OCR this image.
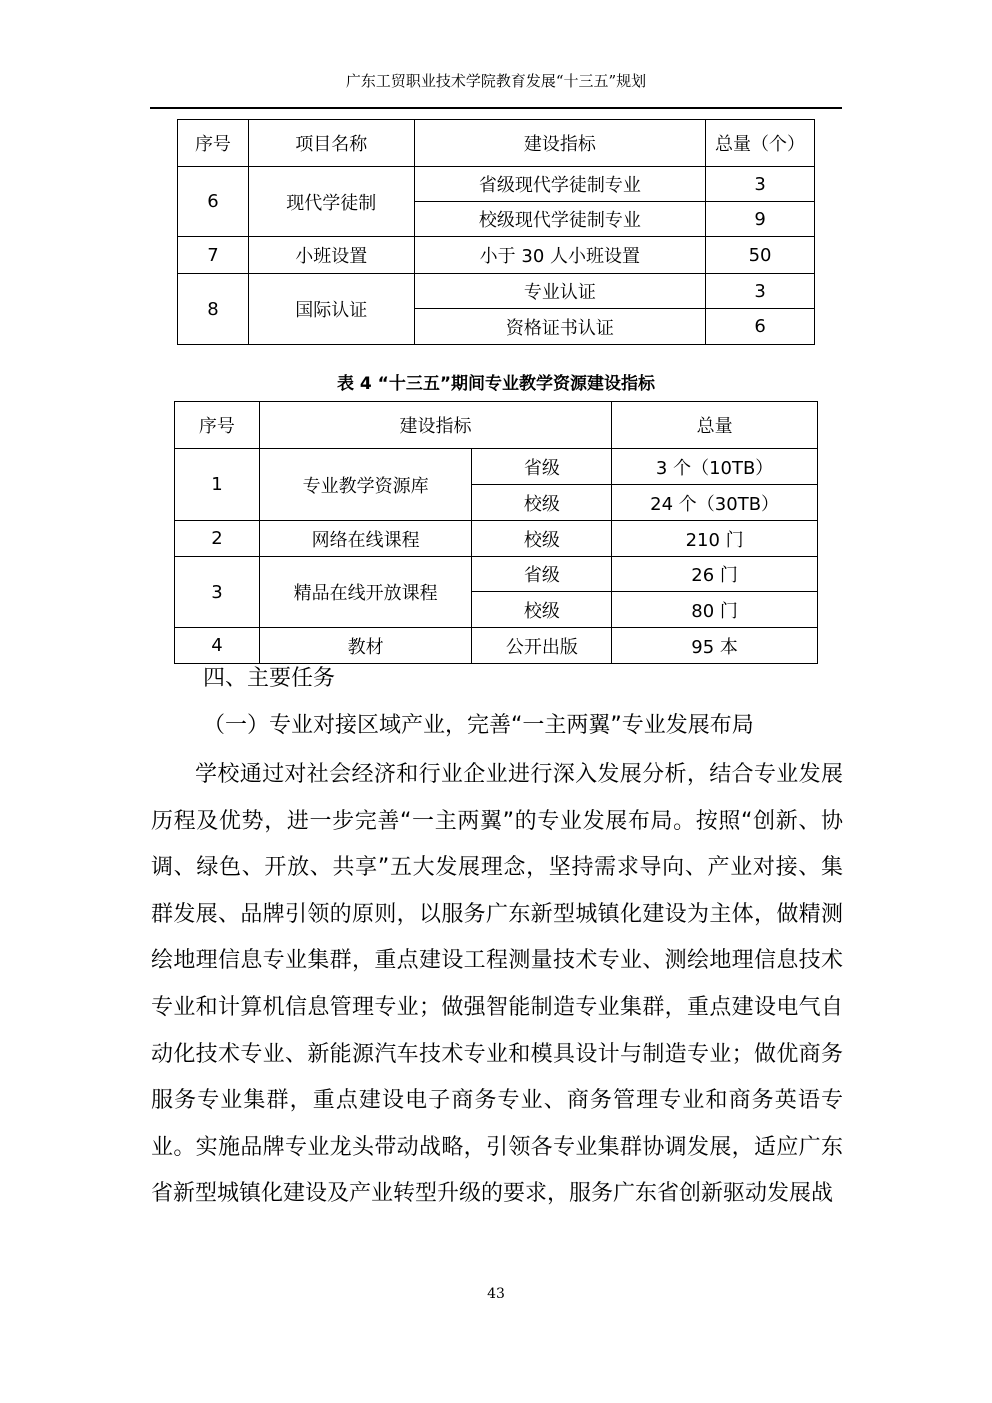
广东工贸职业技术学院教育发展“十三五”规划
序号	项目名称	建设指标	总量（个）
6	现代学徒制	省级现代学徒制专业	3
		校级现代学徒制专业	9
7	小班设置	小于 30 人小班设置	50
8	国际认证	专业认证	3
		资格证书认证	6
表 4 “十三五”期间专业教学资源建设指标
序号	建设指标		总量
1	专业教学资源库	省级	3 个（10TB）
		校级	24 个（30TB）
2	网络在线课程	校级	210 门
3	精品在线开放课程	省级	26 门
		校级	80 门
4	教材	公开出版	95 本
四、主要任务
（一）专业对接区域产业，完善“一主两翼”专业发展布局

学校通过对社会经济和行业企业进行深入发展分析，结合专业发展历程及优势，进一步完善“一主两翼”的专业发展布局。按照“创新、协调、绿色、开放、共享”五大发展理念，坚持需求导向、产业对接、集群发展、品牌引领的原则，以服务广东新型城镇化建设为主体，做精测绘地理信息专业集群，重点建设工程测量技术专业、测绘地理信息技术专业和计算机信息管理专业；做强智能制造专业集群，重点建设电气自动化技术专业、新能源汽车技术专业和模具设计与制造专业；做优商务服务专业集群，重点建设电子商务专业、商务管理专业和商务英语专业。实施品牌专业龙头带动战略，引领各专业集群协调发展，适应广东省新型城镇化建设及产业转型升级的要求，服务广东省创新驱动发展战

43
